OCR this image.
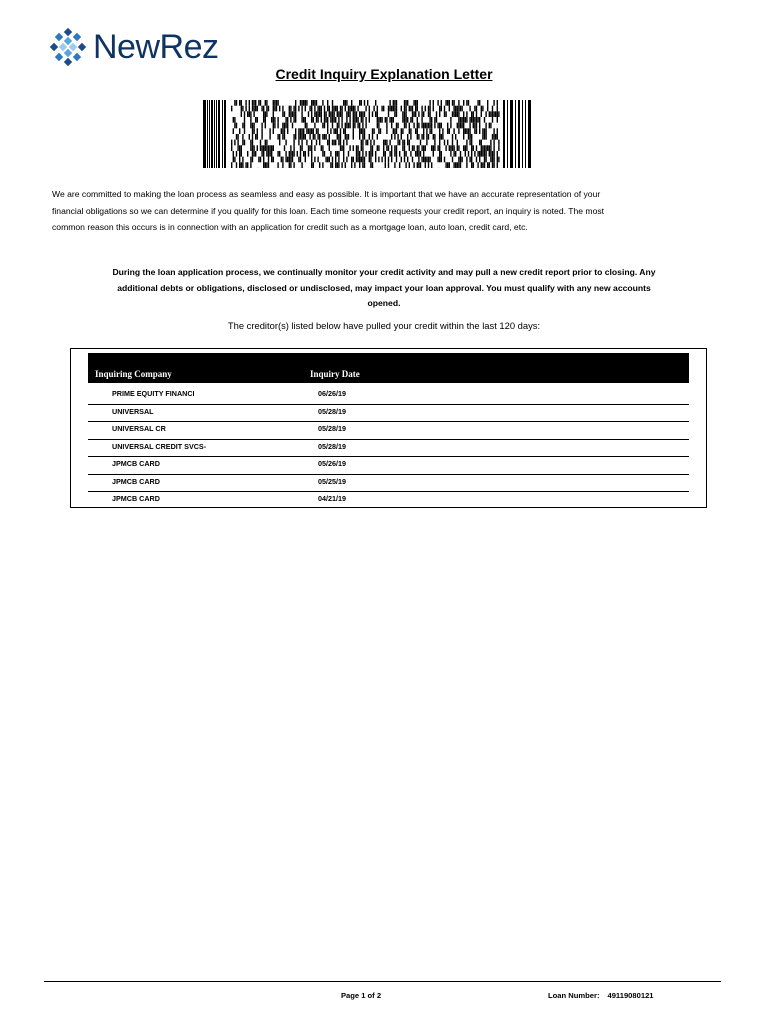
NewRez
Credit Inquiry Explanation Letter
We are committed to making the loan process as seamless and easy as possible. It is important that we have an accurate representation of your financial obligations so we can determine if you qualify for this loan. Each time someone requests your credit report, an inquiry is noted. The most common reason this occurs is in connection with an application for credit such as a mortgage loan, auto loan, credit card, etc.
During the loan application process, we continually monitor your credit activity and may pull a new credit report prior to closing. Any additional debts or obligations, disclosed or undisclosed, may impact your loan approval. You must qualify with any new accounts opened.
The creditor(s) listed below have pulled your credit within the last 120 days:
Inquiring Company	Inquiry Date
PRIME EQUITY FINANCI	06/26/19
UNIVERSAL	05/28/19
UNIVERSAL CR	05/28/19
UNIVERSAL CREDIT SVCS-	05/28/19
JPMCB CARD	05/26/19
JPMCB CARD	05/25/19
JPMCB CARD	04/21/19
Page 1 of 2	Loan Number: 49119080121
